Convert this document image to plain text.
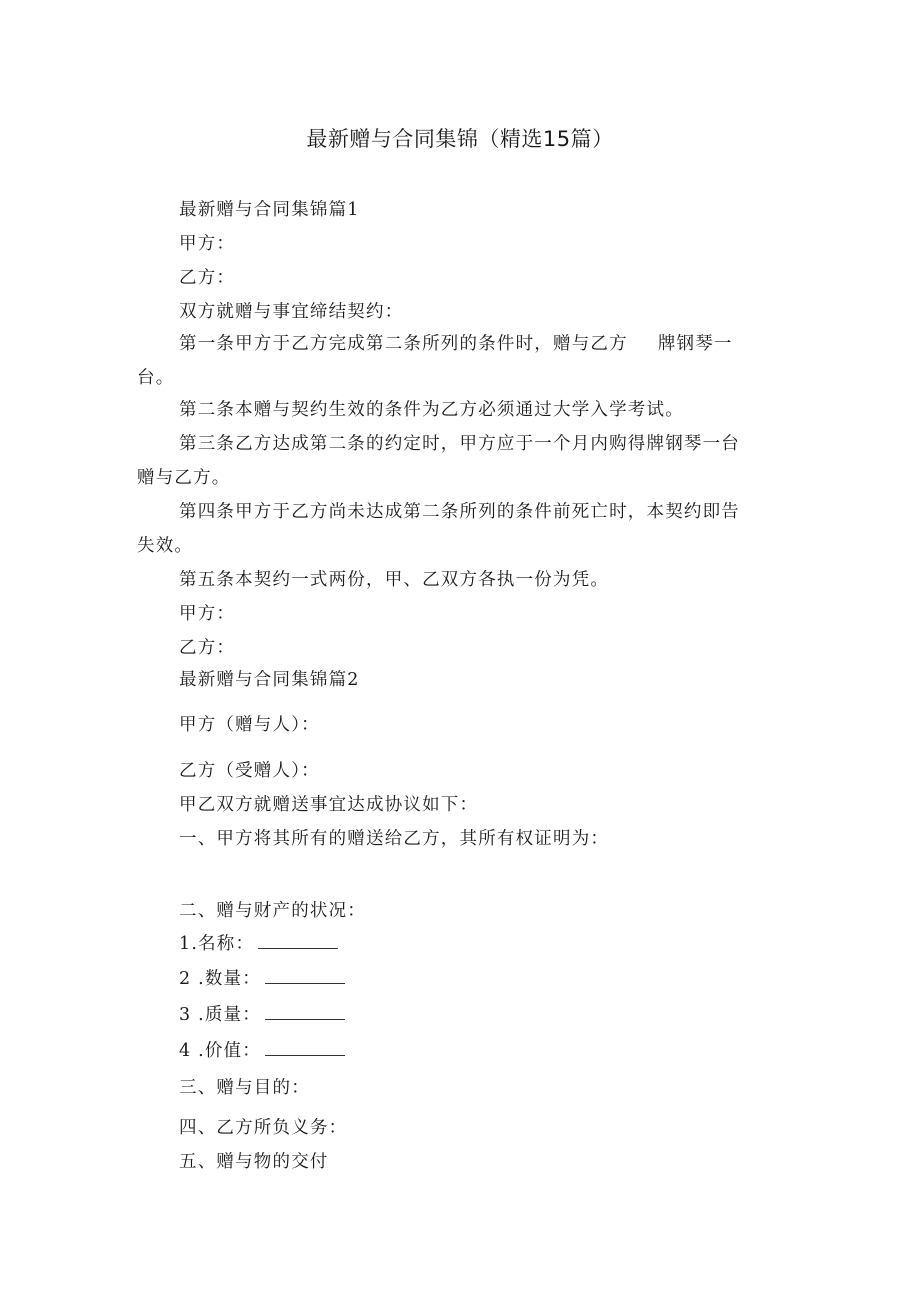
最新赠与合同集锦（精选15篇）
最新赠与合同集锦篇1
甲方：
乙方：
双方就赠与事宜缔结契约：
第一条甲方于乙方完成第二条所列的条件时，赠与乙方 牌钢琴一
台。
第二条本赠与契约生效的条件为乙方必须通过大学入学考试。
第三条乙方达成第二条的约定时，甲方应于一个月内购得牌钢琴一台
赠与乙方。
第四条甲方于乙方尚未达成第二条所列的条件前死亡时，本契约即告
失效。
第五条本契约一式两份，甲、乙双方各执一份为凭。
甲方：
乙方：
最新赠与合同集锦篇2
甲方（赠与人）：
乙方（受赠人）：
甲乙双方就赠送事宜达成协议如下：
一、甲方将其所有的赠送给乙方，其所有权证明为：
二、赠与财产的状况：
1.名称：
2 .数量：
3 .质量：
4 .价值：
三、赠与目的：
四、乙方所负义务：
五、赠与物的交付
